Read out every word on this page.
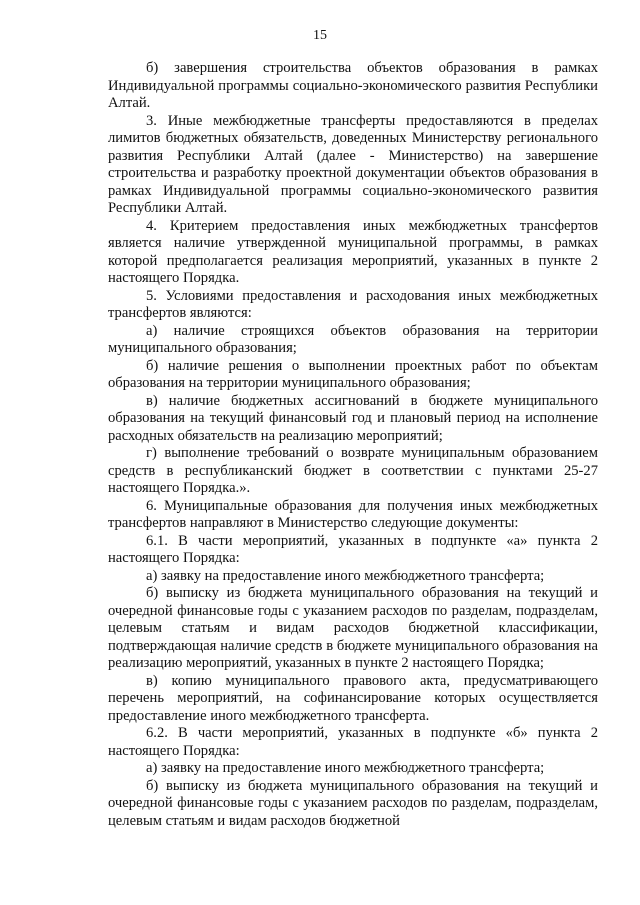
15

б) завершения строительства объектов образования в рамках Индивидуальной программы социально-экономического развития Республики Алтай.

3. Иные межбюджетные трансферты предоставляются в пределах лимитов бюджетных обязательств, доведенных Министерству регионального развития Республики Алтай (далее - Министерство) на завершение строительства и разработку проектной документации объектов образования в рамках Индивидуальной программы социально-экономического развития Республики Алтай.

4. Критерием предоставления иных межбюджетных трансфертов является наличие утвержденной муниципальной программы, в рамках которой предполагается реализация мероприятий, указанных в пункте 2 настоящего Порядка.

5. Условиями предоставления и расходования иных межбюджетных трансфертов являются:

а) наличие строящихся объектов образования на территории муниципального образования;

б) наличие решения о выполнении проектных работ по объектам образования на территории муниципального образования;

в) наличие бюджетных ассигнований в бюджете муниципального образования на текущий финансовый год и плановый период на исполнение расходных обязательств на реализацию мероприятий;

г) выполнение требований о возврате муниципальным образованием средств в республиканский бюджет в соответствии с пунктами 25-27 настоящего Порядка.».

6. Муниципальные образования для получения иных межбюджетных трансфертов направляют в Министерство следующие документы:

6.1. В части мероприятий, указанных в подпункте «а» пункта 2 настоящего Порядка:

а) заявку на предоставление иного межбюджетного трансферта;

б) выписку из бюджета муниципального образования на текущий и очередной финансовые годы с указанием расходов по разделам, подразделам, целевым статьям и видам расходов бюджетной классификации, подтверждающая наличие средств в бюджете муниципального образования на реализацию мероприятий, указанных в пункте 2 настоящего Порядка;

в) копию муниципального правового акта, предусматривающего перечень мероприятий, на софинансирование которых осуществляется предоставление иного межбюджетного трансферта.

6.2. В части мероприятий, указанных в подпункте «б» пункта 2 настоящего Порядка:

а) заявку на предоставление иного межбюджетного трансферта;

б) выписку из бюджета муниципального образования на текущий и очередной финансовые годы с указанием расходов по разделам, подразделам, целевым статьям и видам расходов бюджетной
